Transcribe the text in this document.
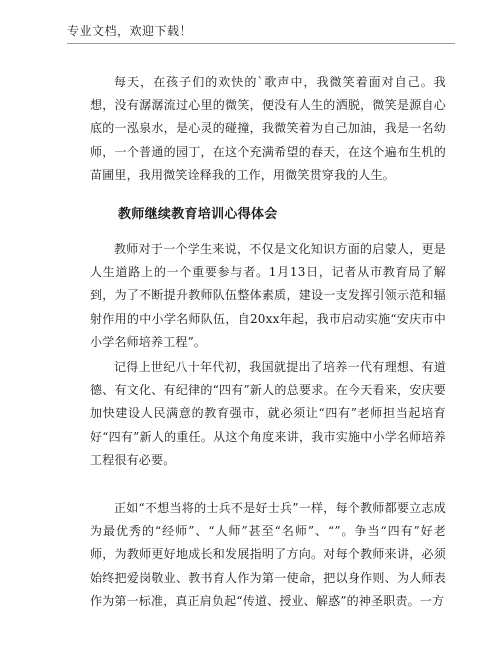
专业文档，欢迎下载！
每天，在孩子们的欢快的`歌声中，我微笑着面对自己。我想，没有潺潺流过心里的微笑，便没有人生的洒脱，微笑是源自心底的一泓泉水，是心灵的碰撞，我微笑着为自己加油，我是一名幼师，一个普通的园丁，在这个充满希望的春天，在这个遍布生机的苗圃里，我用微笑诠释我的工作，用微笑贯穿我的人生。
教师继续教育培训心得体会
教师对于一个学生来说，不仅是文化知识方面的启蒙人，更是人生道路上的一个重要参与者。1月13日，记者从市教育局了解到，为了不断提升教师队伍整体素质，建设一支发挥引领示范和辐射作用的中小学名师队伍，自20xx年起，我市启动实施“安庆市中小学名师培养工程”。
记得上世纪八十年代初，我国就提出了培养一代有理想、有道德、有文化、有纪律的“四有”新人的总要求。在今天看来，安庆要加快建设人民满意的教育强市，就必须让“四有”老师担当起培育好“四有”新人的重任。从这个角度来讲，我市实施中小学名师培养工程很有必要。
正如“不想当将的士兵不是好士兵”一样，每个教师都要立志成为最优秀的“经师”、“人师”甚至“名师”、“”。争当“四有”好老师，为教师更好地成长和发展指明了方向。对每个教师来讲，必须始终把爱岗敬业、教书育人作为第一使命，把以身作则、为人师表作为第一标准，真正肩负起“传道、授业、解惑”的神圣职责。一方
